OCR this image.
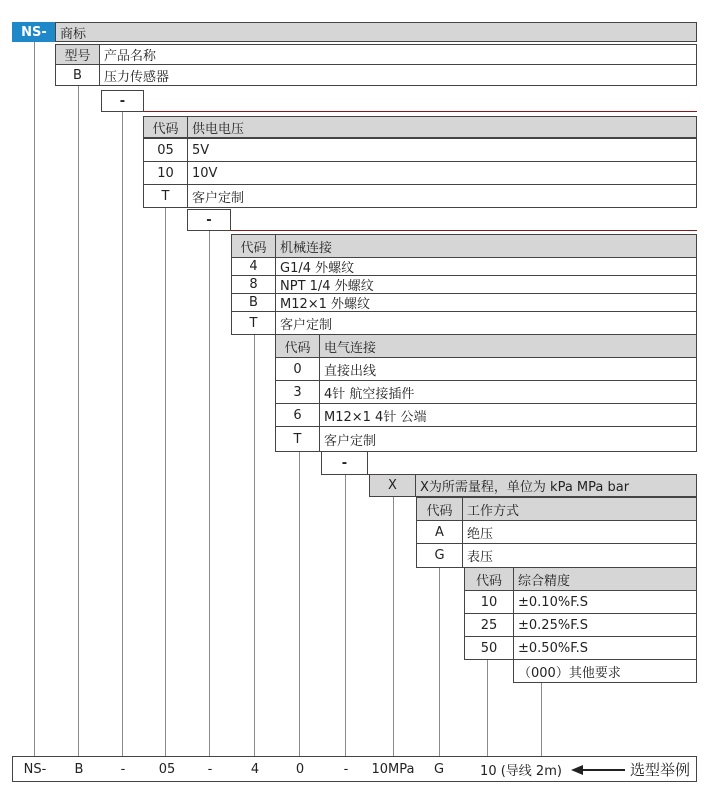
NS-	商标
型号	产品名称
B	压力传感器
-
代码	供电电压
05	5V
10	10V
T	客户定制
-
代码	机械连接
4	G1/4 外螺纹
8	NPT 1/4 外螺纹
B	M12×1 外螺纹
T	客户定制
代码	电气连接
0	直接出线
3	4针 航空接插件
6	M12×1 4针 公端
T	客户定制
-
X	X为所需量程，单位为 kPa MPa bar
代码	工作方式
A	绝压
G	表压
代码	综合精度
10	±0.10%F.S
25	±0.25%F.S
50	±0.50%F.S
（000）其他要求
NS-	B	-	05	-	4	0	-	10MPa	G	10 (导线 2m)	选型举例
